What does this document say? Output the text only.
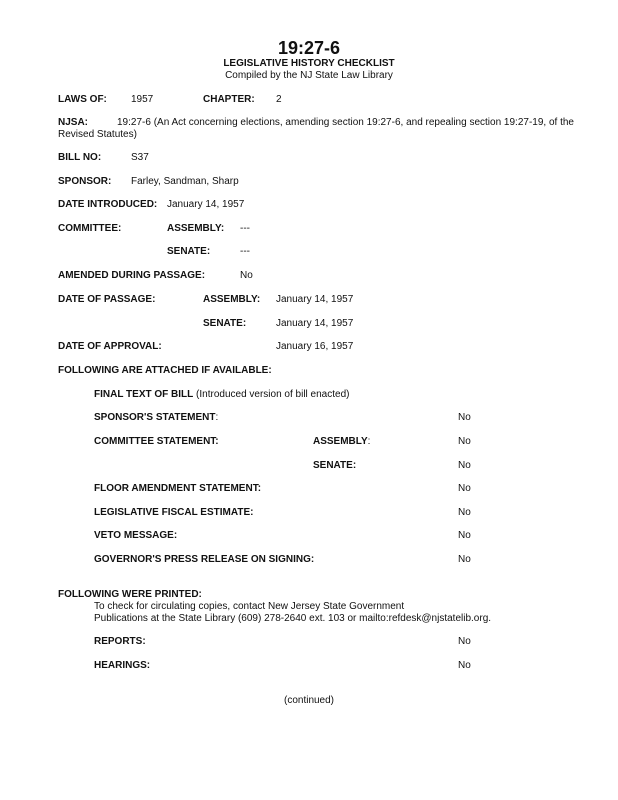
19:27-6
LEGISLATIVE HISTORY CHECKLIST
Compiled by the NJ State Law Library
LAWS OF: 1957	CHAPTER: 2
NJSA:	19:27-6 (An Act concerning elections, amending section 19:27-6, and repealing section 19:27-19, of the Revised Statutes)
BILL NO:	S37
SPONSOR: Farley, Sandman, Sharp
DATE INTRODUCED: January 14, 1957
COMMITTEE:	ASSEMBLY: ---
SENATE:	---
AMENDED DURING PASSAGE:	No
DATE OF PASSAGE:	ASSEMBLY: January 14, 1957
SENATE:	January 14, 1957
DATE OF APPROVAL:	January 16, 1957
FOLLOWING ARE ATTACHED IF AVAILABLE:
FINAL TEXT OF BILL (Introduced version of bill enacted)
SPONSOR'S STATEMENT:	No
COMMITTEE STATEMENT:	ASSEMBLY:	No
SENATE:	No
FLOOR AMENDMENT STATEMENT:	No
LEGISLATIVE FISCAL ESTIMATE:	No
VETO MESSAGE:	No
GOVERNOR'S PRESS RELEASE ON SIGNING:	No
FOLLOWING WERE PRINTED:
To check for circulating copies, contact New Jersey State Government
Publications at the State Library (609) 278-2640 ext. 103 or mailto:refdesk@njstatelib.org.
REPORTS:	No
HEARINGS:	No
(continued)
